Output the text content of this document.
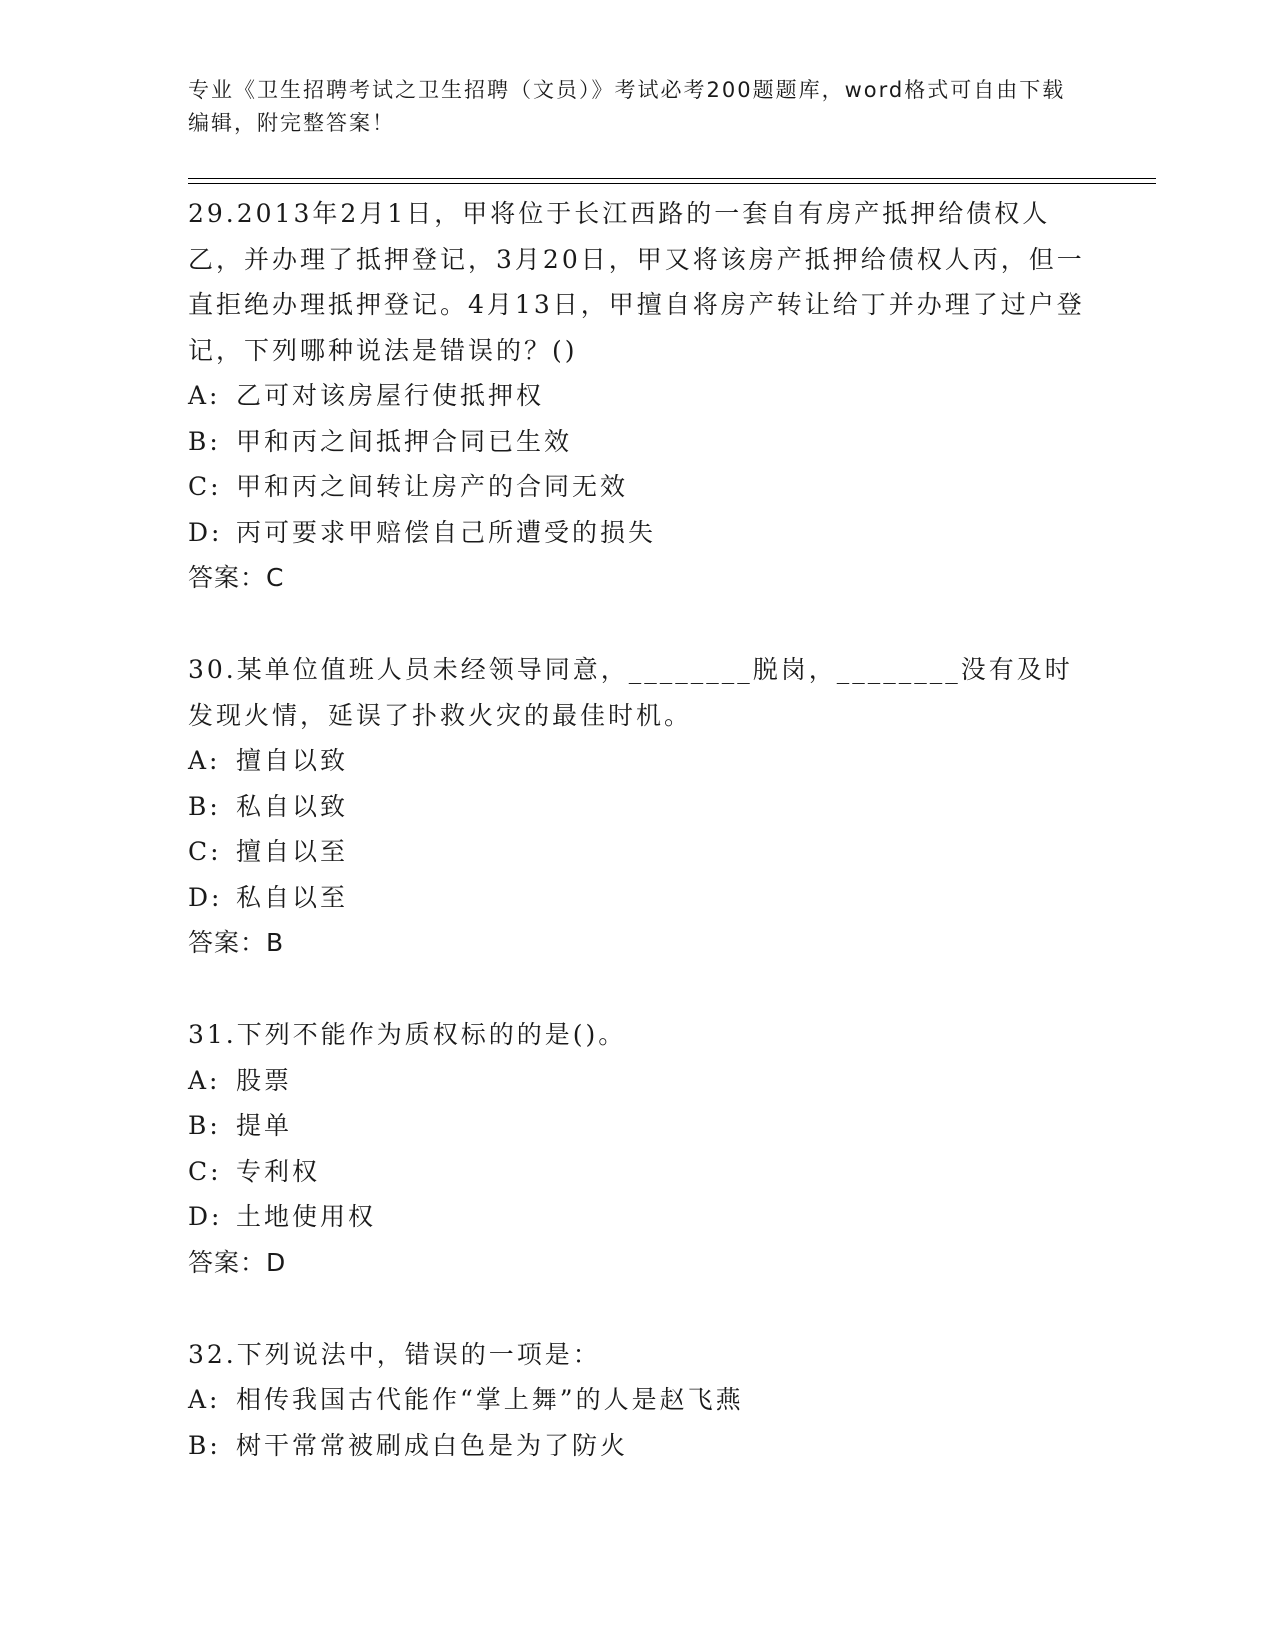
专业《卫生招聘考试之卫生招聘（文员）》考试必考200题题库，word格式可自由下载编辑，附完整答案！
29.2013年2月1日，甲将位于长江西路的一套自有房产抵押给债权人乙，并办理了抵押登记，3月20日，甲又将该房产抵押给债权人丙，但一直拒绝办理抵押登记。4月13日，甲擅自将房产转让给丁并办理了过户登记，下列哪种说法是错误的？()
A: 乙可对该房屋行使抵押权
B: 甲和丙之间抵押合同已生效
C: 甲和丙之间转让房产的合同无效
D: 丙可要求甲赔偿自己所遭受的损失
答案：C
30.某单位值班人员未经领导同意，________脱岗，________没有及时发现火情，延误了扑救火灾的最佳时机。
A: 擅自以致
B: 私自以致
C: 擅自以至
D: 私自以至
答案：B
31.下列不能作为质权标的的是()。
A: 股票
B: 提单
C: 专利权
D: 土地使用权
答案：D
32.下列说法中，错误的一项是：
A: 相传我国古代能作“掌上舞”的人是赵飞燕
B: 树干常常被刷成白色是为了防火
